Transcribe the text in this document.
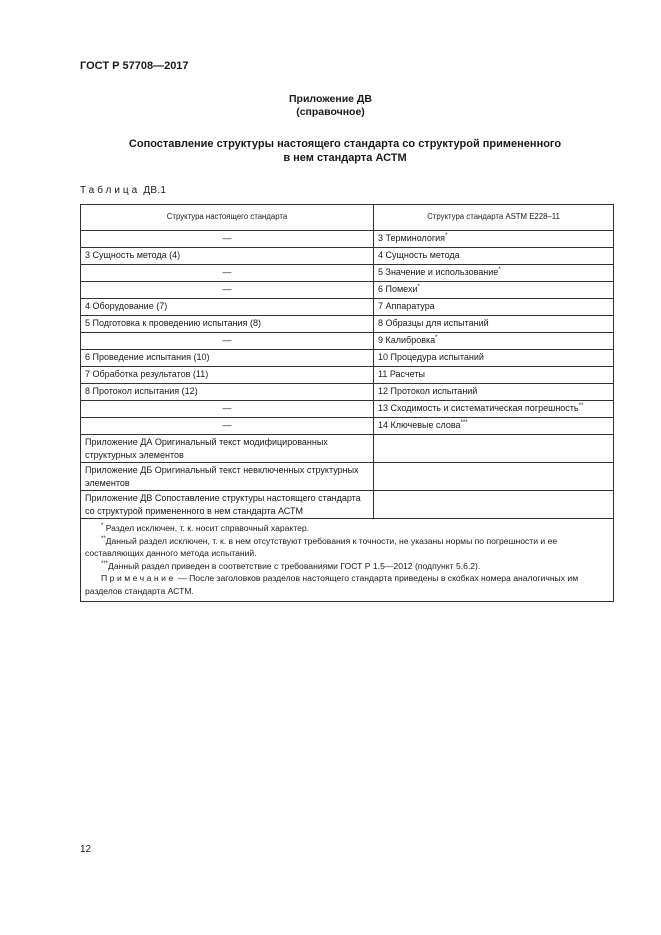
ГОСТ Р 57708—2017
Приложение ДВ
(справочное)
Сопоставление структуры настоящего стандарта со структурой примененного
в нем стандарта АСТМ
Таблица ДВ.1
Структура настоящего стандарта	Структура стандарта ASTM E228–11
—	3 Терминология*
3 Сущность метода (4)	4 Сущность метода
—	5 Значение и использование*
—	6 Помехи*
4 Оборудование (7)	7 Аппаратура
5 Подготовка к проведению испытания (8)	8 Образцы для испытаний
—	9 Калибровка*
6 Проведение испытания (10)	10 Процедура испытаний
7 Обработка результатов (11)	11 Расчеты
8 Протокол испытания (12)	12 Протокол испытаний
—	13 Сходимость и систематическая погрешность**
—	14 Ключевые слова***
Приложение ДА Оригинальный текст модифицированных структурных элементов	
Приложение ДБ Оригинальный текст невключенных структурных элементов	
Приложение ДВ Сопоставление структуры настоящего стандарта со структурой примененного в нем стандарта АСТМ	

* Раздел исключен, т. к. носит справочный характер.

**Данный раздел исключен, т. к. в нем отсутствуют требования к точности, не указаны нормы по погрешности и ее составляющих данного метода испытаний.

***Данный раздел приведен в соответствие с требованиями ГОСТ Р 1.5—2012 (подпункт 5.6.2).

Примечание — После заголовков разделов настоящего стандарта приведены в скобках номера аналогичных им разделов стандарта АСТМ.	

12
